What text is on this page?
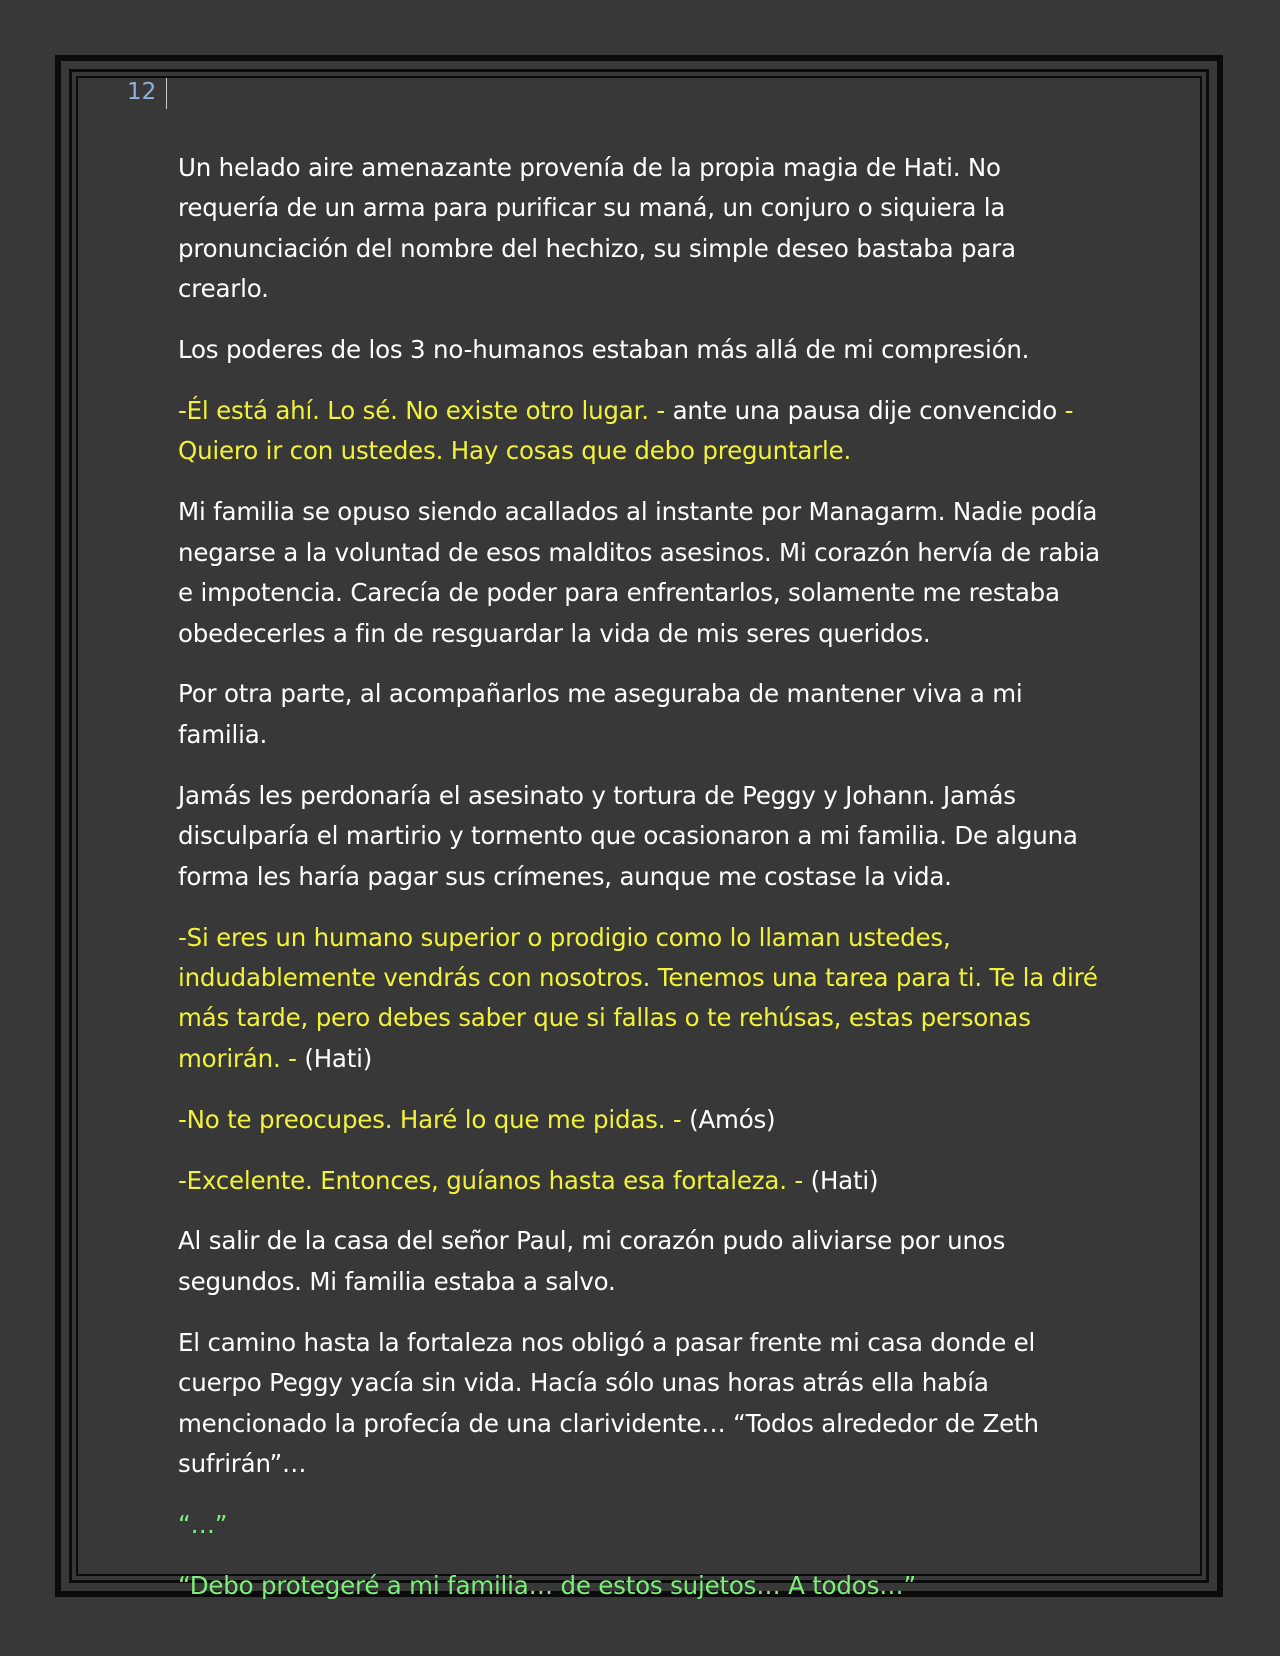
12

Un helado aire amenazante provenía de la propia magia de Hati. No requería de un arma para purificar su maná, un conjuro o siquiera la pronunciación del nombre del hechizo, su simple deseo bastaba para crearlo.

Los poderes de los 3 no-humanos estaban más allá de mi compresión.

-Él está ahí. Lo sé. No existe otro lugar. - ante una pausa dije convencido - Quiero ir con ustedes. Hay cosas que debo preguntarle.

Mi familia se opuso siendo acallados al instante por Managarm. Nadie podía negarse a la voluntad de esos malditos asesinos. Mi corazón hervía de rabia e impotencia. Carecía de poder para enfrentarlos, solamente me restaba obedecerles a fin de resguardar la vida de mis seres queridos.

Por otra parte, al acompañarlos me aseguraba de mantener viva a mi familia.

Jamás les perdonaría el asesinato y tortura de Peggy y Johann. Jamás disculparía el martirio y tormento que ocasionaron a mi familia. De alguna forma les haría pagar sus crímenes, aunque me costase la vida.

-Si eres un humano superior o prodigio como lo llaman ustedes, indudablemente vendrás con nosotros. Tenemos una tarea para ti. Te la diré más tarde, pero debes saber que si fallas o te rehúsas, estas personas morirán. - (Hati)

-No te preocupes. Haré lo que me pidas. - (Amós)

-Excelente. Entonces, guíanos hasta esa fortaleza. - (Hati)

Al salir de la casa del señor Paul, mi corazón pudo aliviarse por unos segundos. Mi familia estaba a salvo.

El camino hasta la fortaleza nos obligó a pasar frente mi casa donde el cuerpo Peggy yacía sin vida. Hacía sólo unas horas atrás ella había mencionado la profecía de una clarividente… “Todos alrededor de Zeth sufrirán”…

“…”

“Debo protegeré a mi familia… de estos sujetos… A todos…”
